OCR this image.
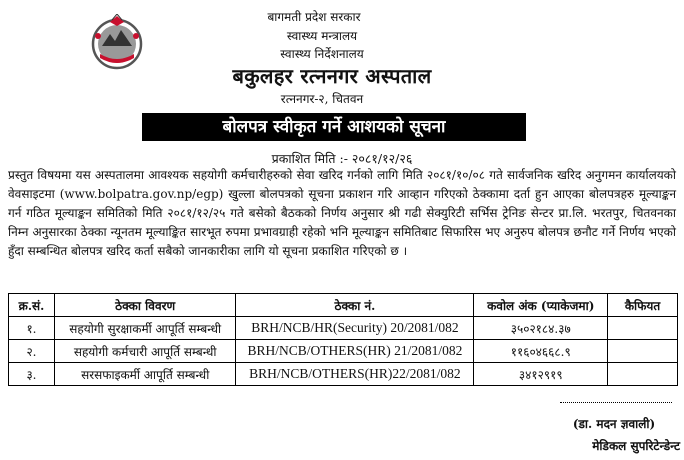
बागमती प्रदेश सरकार
स्वास्थ्य मन्त्रालय
स्वास्थ्य निर्देशनालय
बकुलहर रत्ननगर अस्पताल
रत्ननगर-२, चितवन
बोलपत्र स्वीकृत गर्ने आशयको सूचना
प्रकाशित मिति :- २०८१/१२/२६
प्रस्तुत विषयमा यस अस्पतालमा आवश्यक सहयोगी कर्मचारीहरुको सेवा खरिद गर्नको लागि मिति २०८१/१०/०८ गते सार्वजनिक खरिद अनुगमन कार्यालयको वेवसाइटमा (www.bolpatra.gov.np/egp) खुल्ला बोलपत्रको सूचना प्रकाशन गरि आव्हान गरिएको ठेक्कामा दर्ता हुन आएका बोलपत्रहरु मूल्याङ्कन गर्न गठित मूल्याङ्कन समितिको मिति २०८१/१२/२५ गते बसेको बैठकको निर्णय अनुसार श्री गढी सेक्युरिटी सर्भिस ट्रेनिङ सेन्टर प्रा.लि. भरतपुर, चितवनका निम्न अनुसारका ठेक्का न्यूनतम मूल्याङ्कित सारभूत रुपमा प्रभावग्राही रहेको भनि मूल्याङ्कन समितिबाट सिफारिस भए अनुरुप बोलपत्र छनौट गर्ने निर्णय भएको हुँदा सम्बन्धित बोलपत्र खरिद कर्ता सबैको जानकारीका लागि यो सूचना प्रकाशित गरिएको छ ।
क्र.सं.	ठेक्का विवरण	ठेक्का नं.	कवोल अंक (प्याकेजमा)	कैफियत
१.	सहयोगी सुरक्षाकर्मी आपूर्ति सम्बन्धी	BRH/NCB/HR(Security) 20/2081/082	३५०२१८४.३७	
२.	सहयोगी कर्मचारी आपूर्ति सम्बन्धी	BRH/NCB/OTHERS(HR) 21/2081/082	११६०४६६८.९	
३.	सरसफाइकर्मी आपूर्ति सम्बन्धी	BRH/NCB/OTHERS(HR)22/2081/082	३४१२९१९	
(डा. मदन ज्ञवाली)
मेडिकल सुपरिटेन्डेन्ट
